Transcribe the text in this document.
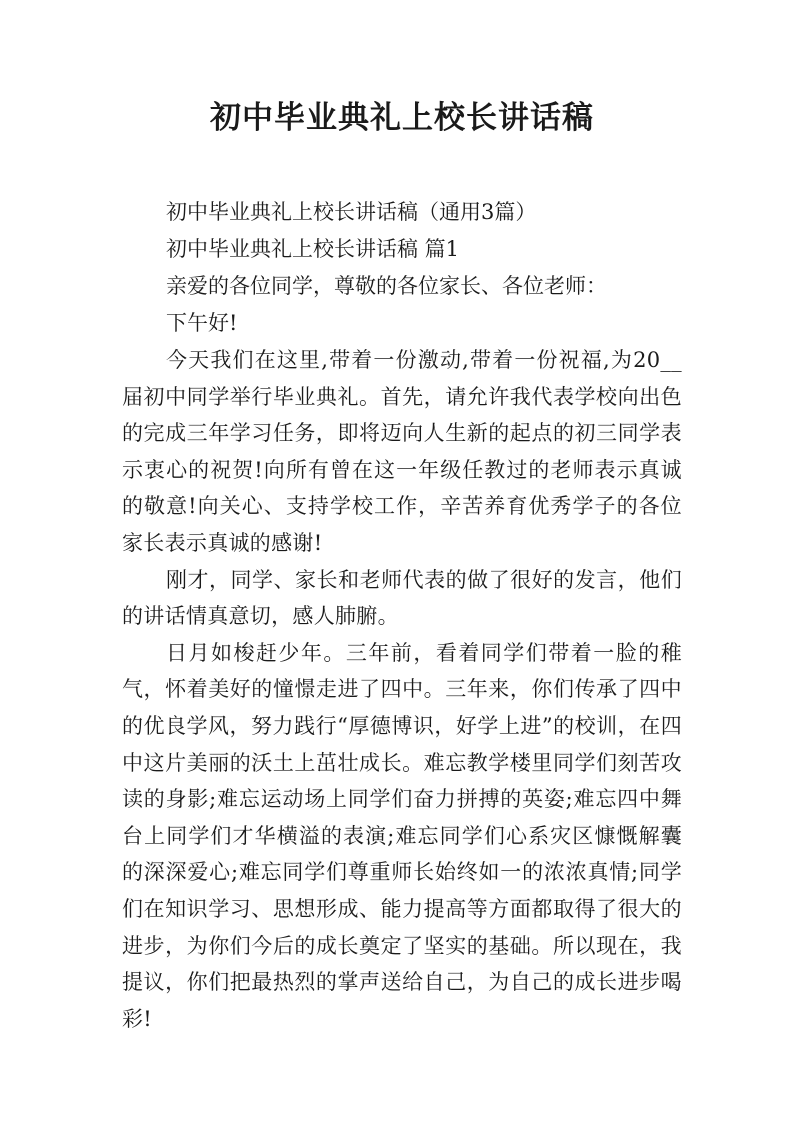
初中毕业典礼上校长讲话稿

初中毕业典礼上校长讲话稿（通用3篇）

初中毕业典礼上校长讲话稿 篇1

亲爱的各位同学，尊敬的各位家长、各位老师：

下午好!

今天我们在这里,带着一份激动,带着一份祝福,为20__届初中同学举行毕业典礼。首先，请允许我代表学校向出色的完成三年学习任务，即将迈向人生新的起点的初三同学表示衷心的祝贺!向所有曾在这一年级任教过的老师表示真诚的敬意!向关心、支持学校工作，辛苦养育优秀学子的各位家长表示真诚的感谢!

刚才，同学、家长和老师代表的做了很好的发言，他们的讲话情真意切，感人肺腑。

日月如梭赶少年。三年前，看着同学们带着一脸的稚气，怀着美好的憧憬走进了四中。三年来，你们传承了四中的优良学风，努力践行“厚德博识，好学上进”的校训，在四中这片美丽的沃土上茁壮成长。难忘教学楼里同学们刻苦攻读的身影;难忘运动场上同学们奋力拼搏的英姿;难忘四中舞台上同学们才华横溢的表演;难忘同学们心系灾区慷慨解囊的深深爱心;难忘同学们尊重师长始终如一的浓浓真情;同学们在知识学习、思想形成、能力提高等方面都取得了很大的进步，为你们今后的成长奠定了坚实的基础。所以现在，我提议，你们把最热烈的掌声送给自己，为自己的成长进步喝彩!
